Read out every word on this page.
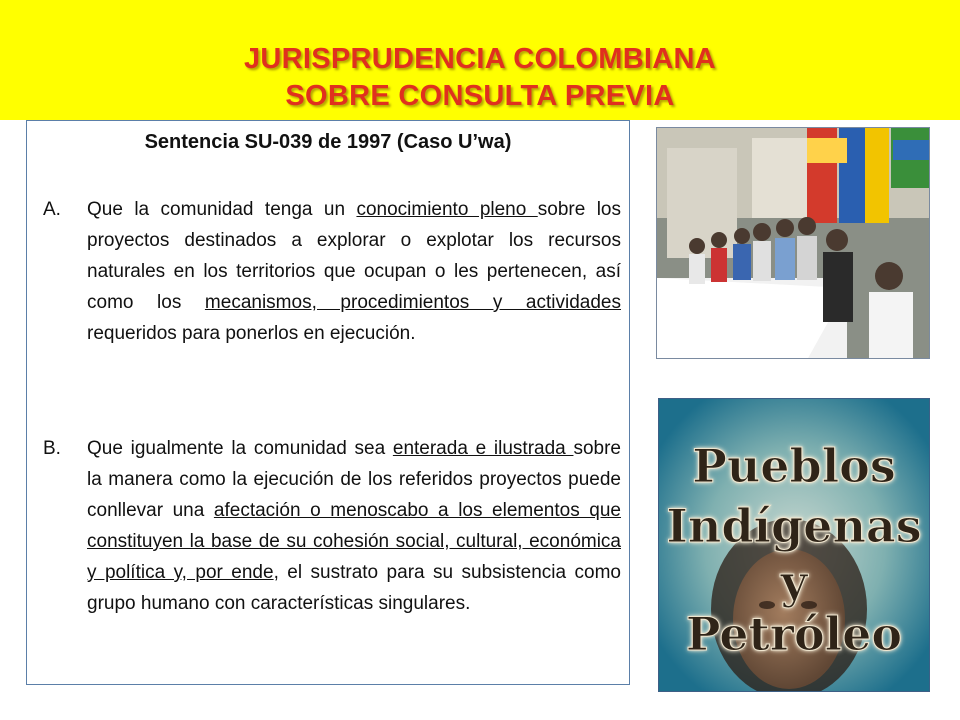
JURISPRUDENCIA COLOMBIANA
SOBRE CONSULTA PREVIA
Sentencia SU-039 de 1997 (Caso U’wa)
A.	Que la comunidad tenga un conocimiento pleno sobre los proyectos destinados a explorar o explotar los recursos naturales en los territorios que ocupan o les pertenecen, así como los mecanismos, procedimientos y actividades requeridos para ponerlos en ejecución.
B.	Que igualmente la comunidad sea enterada e ilustrada sobre la manera como la ejecución de los referidos proyectos puede conllevar una afectación o menoscabo a los elementos que constituyen la base de su cohesión social, cultural, económica y política y, por ende, el sustrato para su subsistencia como grupo humano con características singulares.
Pueblos
Indígenas
y
Petróleo
